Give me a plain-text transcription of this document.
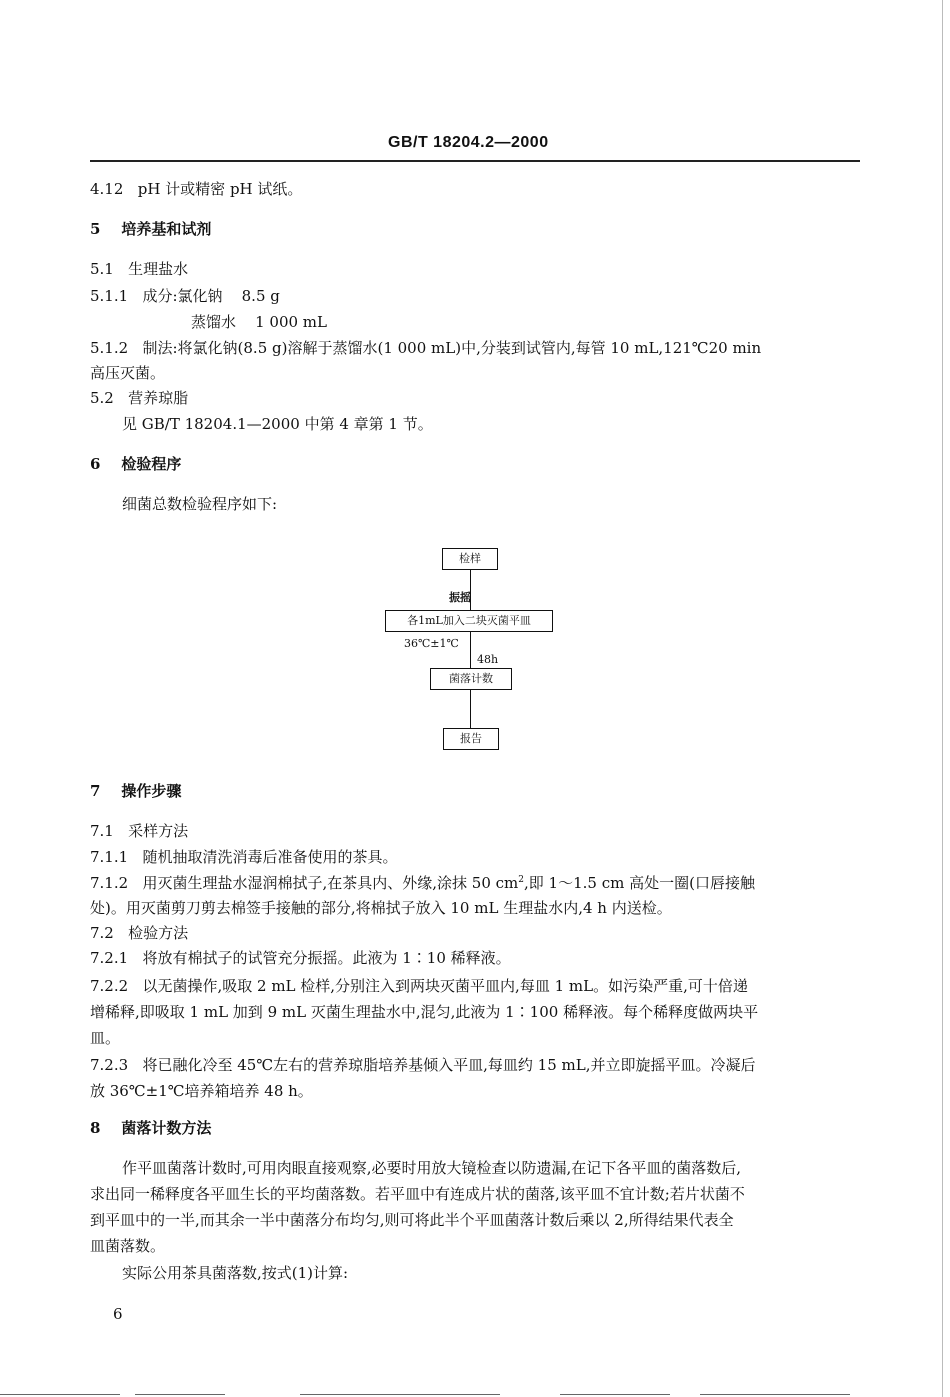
GB/T 18204.2—2000
4.12 pH 计或精密 pH 试纸。
5 培养基和试剂
5.1 生理盐水
5.1.1 成分:氯化钠 8.5 g
蒸馏水 1 000 mL
5.1.2 制法:将氯化钠(8.5 g)溶解于蒸馏水(1 000 mL)中,分装到试管内,每管 10 mL,121℃20 min
高压灭菌。
5.2 营养琼脂
见 GB/T 18204.1—2000 中第 4 章第 1 节。
6 检验程序
细菌总数检验程序如下:
检样
振摇
各1mL加入二块灭菌平皿
36℃±1℃
48h
菌落计数
报告
7 操作步骤
7.1 采样方法
7.1.1 随机抽取清洗消毒后准备使用的茶具。
7.1.2 用灭菌生理盐水湿润棉拭子,在茶具内、外缘,涂抹 50 $cm^2$,即 1～1.5 cm 高处一圈(口唇接触
处)。用灭菌剪刀剪去棉签手接触的部分,将棉拭子放入 10 mL 生理盐水内,4 h 内送检。
7.2 检验方法
7.2.1 将放有棉拭子的试管充分振摇。此液为 1∶10 稀释液。
7.2.2 以无菌操作,吸取 2 mL 检样,分别注入到两块灭菌平皿内,每皿 1 mL。如污染严重,可十倍递
增稀释,即吸取 1 mL 加到 9 mL 灭菌生理盐水中,混匀,此液为 1∶100 稀释液。每个稀释度做两块平
皿。
7.2.3 将已融化冷至 45℃左右的营养琼脂培养基倾入平皿,每皿约 15 mL,并立即旋摇平皿。冷凝后
放 36℃±1℃培养箱培养 48 h。
8 菌落计数方法
作平皿菌落计数时,可用肉眼直接观察,必要时用放大镜检查以防遗漏,在记下各平皿的菌落数后,
求出同一稀释度各平皿生长的平均菌落数。若平皿中有连成片状的菌落,该平皿不宜计数;若片状菌不
到平皿中的一半,而其余一半中菌落分布均匀,则可将此半个平皿菌落计数后乘以 2,所得结果代表全
皿菌落数。
实际公用茶具菌落数,按式(1)计算:
6
